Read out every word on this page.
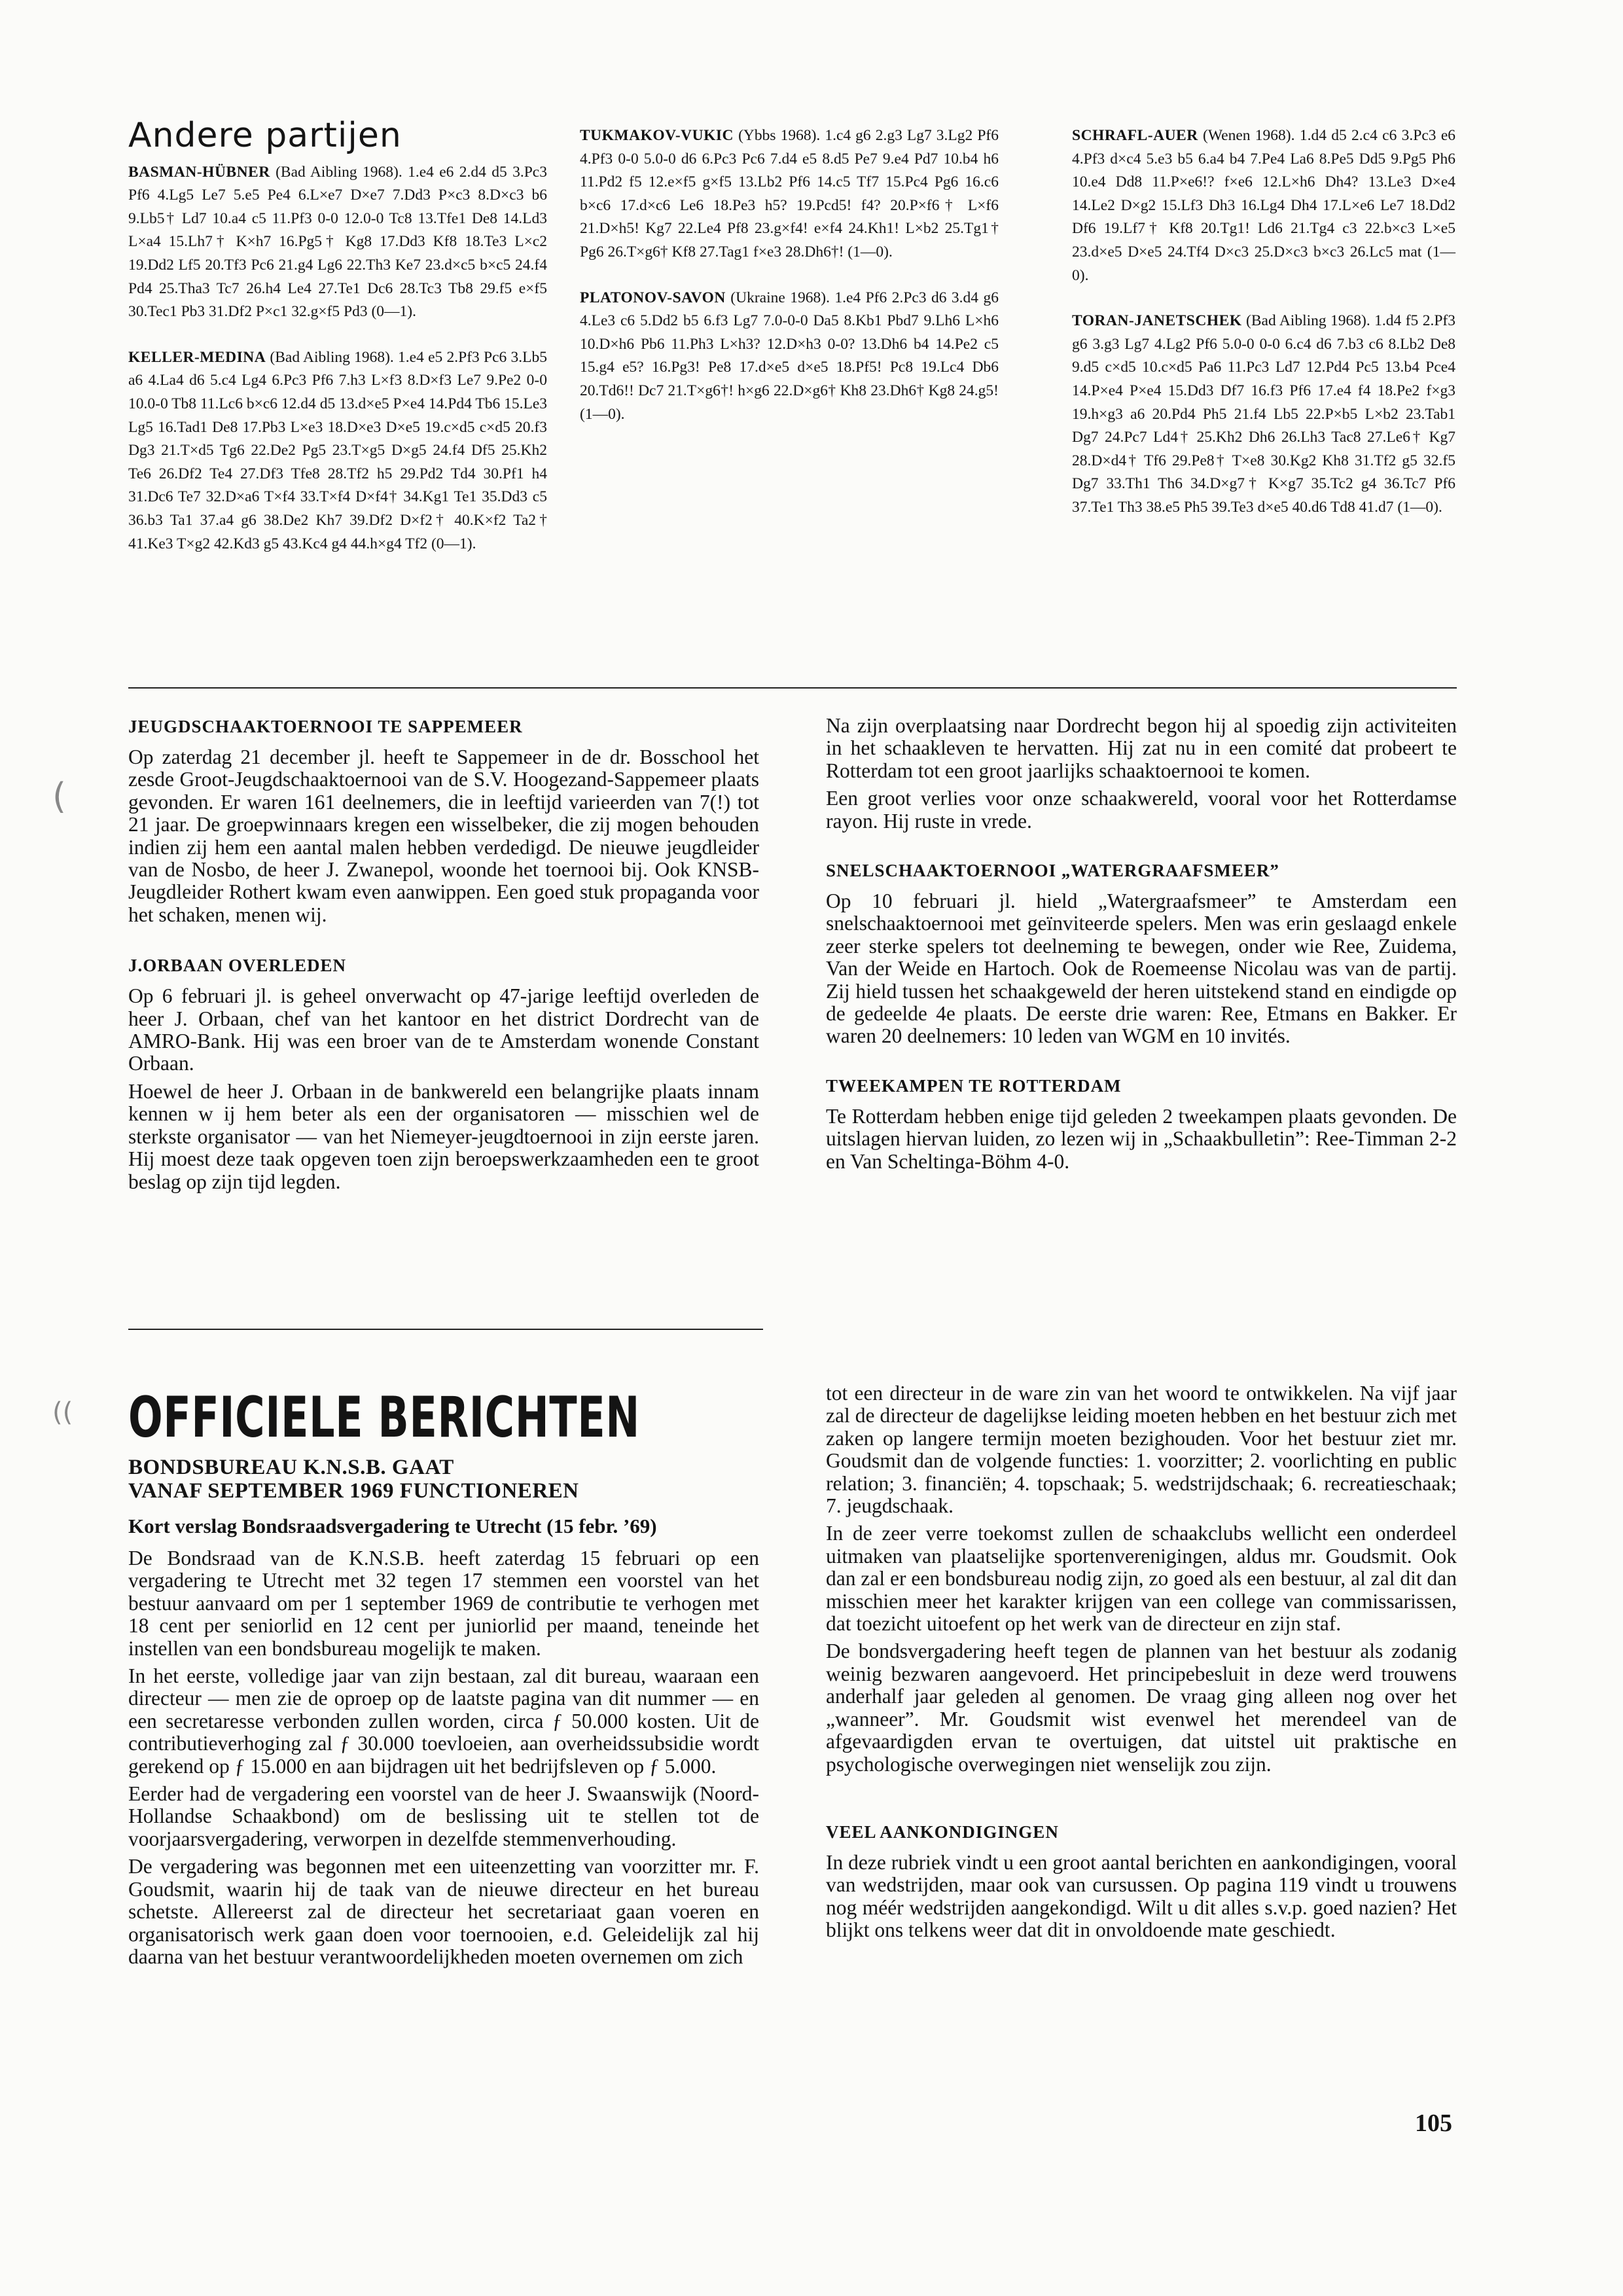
Andere partijen

BASMAN-HÜBNER (Bad Aibling 1968). 1.e4 e6 2.d4 d5 3.Pc3 Pf6 4.Lg5 Le7 5.e5 Pe4 6.L×e7 D×e7 7.Dd3 P×c3 8.D×c3 b6 9.Lb5† Ld7 10.a4 c5 11.Pf3 0-0 12.0-0 Tc8 13.Tfe1 De8 14.Ld3 L×a4 15.Lh7† K×h7 16.Pg5† Kg8 17.Dd3 Kf8 18.Te3 L×c2 19.Dd2 Lf5 20.Tf3 Pc6 21.g4 Lg6 22.Th3 Ke7 23.d×c5 b×c5 24.f4 Pd4 25.Tha3 Tc7 26.h4 Le4 27.Te1 Dc6 28.Tc3 Tb8 29.f5 e×f5 30.Tec1 Pb3 31.Df2 P×c1 32.g×f5 Pd3 (0—1).

KELLER-MEDINA (Bad Aibling 1968). 1.e4 e5 2.Pf3 Pc6 3.Lb5 a6 4.La4 d6 5.c4 Lg4 6.Pc3 Pf6 7.h3 L×f3 8.D×f3 Le7 9.Pe2 0-0 10.0-0 Tb8 11.Lc6 b×c6 12.d4 d5 13.d×e5 P×e4 14.Pd4 Tb6 15.Le3 Lg5 16.Tad1 De8 17.Pb3 L×e3 18.D×e3 D×e5 19.c×d5 c×d5 20.f3 Dg3 21.T×d5 Tg6 22.De2 Pg5 23.T×g5 D×g5 24.f4 Df5 25.Kh2 Te6 26.Df2 Te4 27.Df3 Tfe8 28.Tf2 h5 29.Pd2 Td4 30.Pf1 h4 31.Dc6 Te7 32.D×a6 T×f4 33.T×f4 D×f4† 34.Kg1 Te1 35.Dd3 c5 36.b3 Ta1 37.a4 g6 38.De2 Kh7 39.Df2 D×f2† 40.K×f2 Ta2† 41.Ke3 T×g2 42.Kd3 g5 43.Kc4 g4 44.h×g4 Tf2 (0—1).

TUKMAKOV-VUKIC (Ybbs 1968). 1.c4 g6 2.g3 Lg7 3.Lg2 Pf6 4.Pf3 0-0 5.0-0 d6 6.Pc3 Pc6 7.d4 e5 8.d5 Pe7 9.e4 Pd7 10.b4 h6 11.Pd2 f5 12.e×f5 g×f5 13.Lb2 Pf6 14.c5 Tf7 15.Pc4 Pg6 16.c6 b×c6 17.d×c6 Le6 18.Pe3 h5? 19.Pcd5! f4? 20.P×f6† L×f6 21.D×h5! Kg7 22.Le4 Pf8 23.g×f4! e×f4 24.Kh1! L×b2 25.Tg1† Pg6 26.T×g6† Kf8 27.Tag1 f×e3 28.Dh6†! (1—0).

PLATONOV-SAVON (Ukraine 1968). 1.e4 Pf6 2.Pc3 d6 3.d4 g6 4.Le3 c6 5.Dd2 b5 6.f3 Lg7 7.0-0-0 Da5 8.Kb1 Pbd7 9.Lh6 L×h6 10.D×h6 Pb6 11.Ph3 L×h3? 12.D×h3 0-0? 13.Dh6 b4 14.Pe2 c5 15.g4 e5? 16.Pg3! Pe8 17.d×e5 d×e5 18.Pf5! Pc8 19.Lc4 Db6 20.Td6!! Dc7 21.T×g6†! h×g6 22.D×g6† Kh8 23.Dh6† Kg8 24.g5! (1—0).

SCHRAFL-AUER (Wenen 1968). 1.d4 d5 2.c4 c6 3.Pc3 e6 4.Pf3 d×c4 5.e3 b5 6.a4 b4 7.Pe4 La6 8.Pe5 Dd5 9.Pg5 Ph6 10.e4 Dd8 11.P×e6!? f×e6 12.L×h6 Dh4? 13.Le3 D×e4 14.Le2 D×g2 15.Lf3 Dh3 16.Lg4 Dh4 17.L×e6 Le7 18.Dd2 Df6 19.Lf7† Kf8 20.Tg1! Ld6 21.Tg4 c3 22.b×c3 L×e5 23.d×e5 D×e5 24.Tf4 D×c3 25.D×c3 b×c3 26.Lc5 mat (1—0).

TORAN-JANETSCHEK (Bad Aibling 1968). 1.d4 f5 2.Pf3 g6 3.g3 Lg7 4.Lg2 Pf6 5.0-0 0-0 6.c4 d6 7.b3 c6 8.Lb2 De8 9.d5 c×d5 10.c×d5 Pa6 11.Pc3 Ld7 12.Pd4 Pc5 13.b4 Pce4 14.P×e4 P×e4 15.Dd3 Df7 16.f3 Pf6 17.e4 f4 18.Pe2 f×g3 19.h×g3 a6 20.Pd4 Ph5 21.f4 Lb5 22.P×b5 L×b2 23.Tab1 Dg7 24.Pc7 Ld4† 25.Kh2 Dh6 26.Lh3 Tac8 27.Le6† Kg7 28.D×d4† Tf6 29.Pe8† T×e8 30.Kg2 Kh8 31.Tf2 g5 32.f5 Dg7 33.Th1 Th6 34.D×g7† K×g7 35.Tc2 g4 36.Tc7 Pf6 37.Te1 Th3 38.e5 Ph5 39.Te3 d×e5 40.d6 Td8 41.d7 (1—0).

JEUGDSCHAAKTOERNOOI TE SAPPEMEER

Op zaterdag 21 december jl. heeft te Sappemeer in de dr. Bosschool het zesde Groot-Jeugdschaaktoernooi van de S.V. Hoogezand-Sappemeer plaats gevonden. Er waren 161 deelnemers, die in leeftijd varieerden van 7(!) tot 21 jaar. De groepwinnaars kregen een wisselbeker, die zij mogen behouden indien zij hem een aantal malen hebben verdedigd. De nieuwe jeugdleider van de Nosbo, de heer J. Zwanepol, woonde het toernooi bij. Ook KNSB-Jeugdleider Rothert kwam even aanwippen. Een goed stuk propaganda voor het schaken, menen wij.

J.ORBAAN OVERLEDEN

Op 6 februari jl. is geheel onverwacht op 47-jarige leeftijd overleden de heer J. Orbaan, chef van het kantoor en het district Dordrecht van de AMRO-Bank. Hij was een broer van de te Amsterdam wonende Constant Orbaan.

Hoewel de heer J. Orbaan in de bankwereld een belangrijke plaats innam kennen w ij hem beter als een der organisatoren — misschien wel de sterkste organisator — van het Niemeyer-jeugdtoernooi in zijn eerste jaren. Hij moest deze taak opgeven toen zijn beroepswerkzaamheden een te groot beslag op zijn tijd legden.

Na zijn overplaatsing naar Dordrecht begon hij al spoedig zijn activiteiten in het schaakleven te hervatten. Hij zat nu in een comité dat probeert te Rotterdam tot een groot jaarlijks schaaktoernooi te komen.

Een groot verlies voor onze schaakwereld, vooral voor het Rotterdamse rayon. Hij ruste in vrede.

SNELSCHAAKTOERNOOI „WATERGRAAFSMEER”

Op 10 februari jl. hield „Watergraafsmeer” te Amsterdam een snelschaaktoernooi met geïnviteerde spelers. Men was erin geslaagd enkele zeer sterke spelers tot deelneming te bewegen, onder wie Ree, Zuidema, Van der Weide en Hartoch. Ook de Roemeense Nicolau was van de partij. Zij hield tussen het schaakgeweld der heren uitstekend stand en eindigde op de gedeelde 4e plaats. De eerste drie waren: Ree, Etmans en Bakker. Er waren 20 deelnemers: 10 leden van WGM en 10 invités.

TWEEKAMPEN TE ROTTERDAM

Te Rotterdam hebben enige tijd geleden 2 tweekampen plaats gevonden. De uitslagen hiervan luiden, zo lezen wij in „Schaakbulletin”: Ree-Timman 2-2 en Van Scheltinga-Böhm 4-0.

OFFICIELE BERICHTEN
BONDSBUREAU K.N.S.B. GAAT
VANAF SEPTEMBER 1969 FUNCTIONEREN
Kort verslag Bondsraadsvergadering te Utrecht (15 febr. ’69)

De Bondsraad van de K.N.S.B. heeft zaterdag 15 februari op een vergadering te Utrecht met 32 tegen 17 stemmen een voorstel van het bestuur aanvaard om per 1 september 1969 de contributie te verhogen met 18 cent per seniorlid en 12 cent per juniorlid per maand, teneinde het instellen van een bondsbureau mogelijk te maken.

In het eerste, volledige jaar van zijn bestaan, zal dit bureau, waaraan een directeur — men zie de oproep op de laatste pagina van dit nummer — en een secretaresse verbonden zullen worden, circa ƒ 50.000 kosten. Uit de contributieverhoging zal ƒ 30.000 toevloeien, aan overheidssubsidie wordt gerekend op ƒ 15.000 en aan bijdragen uit het bedrijfsleven op ƒ 5.000.

Eerder had de vergadering een voorstel van de heer J. Swaanswijk (Noord-Hollandse Schaakbond) om de beslissing uit te stellen tot de voorjaarsvergadering, verworpen in dezelfde stemmenverhouding.

De vergadering was begonnen met een uiteenzetting van voorzitter mr. F. Goudsmit, waarin hij de taak van de nieuwe directeur en het bureau schetste. Allereerst zal de directeur het secretariaat gaan voeren en organisatorisch werk gaan doen voor toernooien, e.d. Geleidelijk zal hij daarna van het bestuur verantwoordelijkheden moeten overnemen om zich

tot een directeur in de ware zin van het woord te ontwikkelen. Na vijf jaar zal de directeur de dagelijkse leiding moeten hebben en het bestuur zich met zaken op langere termijn moeten bezighouden. Voor het bestuur ziet mr. Goudsmit dan de volgende functies: 1. voorzitter; 2. voorlichting en public relation; 3. financiën; 4. topschaak; 5. wedstrijdschaak; 6. recreatieschaak; 7. jeugdschaak.

In de zeer verre toekomst zullen de schaakclubs wellicht een onderdeel uitmaken van plaatselijke sportenverenigingen, aldus mr. Goudsmit. Ook dan zal er een bondsbureau nodig zijn, zo goed als een bestuur, al zal dit dan misschien meer het karakter krijgen van een college van commissarissen, dat toezicht uitoefent op het werk van de directeur en zijn staf.

De bondsvergadering heeft tegen de plannen van het bestuur als zodanig weinig bezwaren aangevoerd. Het principebesluit in deze werd trouwens anderhalf jaar geleden al genomen. De vraag ging alleen nog over het „wanneer”. Mr. Goudsmit wist evenwel het merendeel van de afgevaardigden ervan te overtuigen, dat uitstel uit praktische en psychologische overwegingen niet wenselijk zou zijn.

VEEL AANKONDIGINGEN

In deze rubriek vindt u een groot aantal berichten en aankondigingen, vooral van wedstrijden, maar ook van cursussen. Op pagina 119 vindt u trouwens nog méér wedstrijden aangekondigd. Wilt u dit alles s.v.p. goed nazien? Het blijkt ons telkens weer dat dit in onvoldoende mate geschiedt.

105
(
((
